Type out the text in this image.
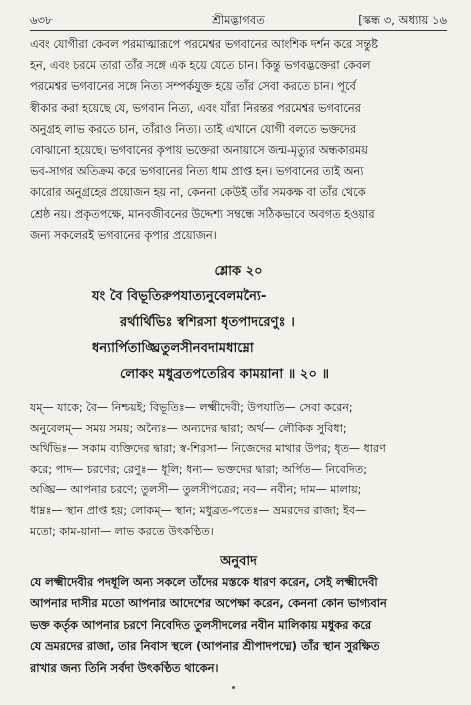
৬৩৮	শ্রীমদ্ভাগবত	[স্কন্ধ ৩, অধ্যায় ১৬

এবং যোগীরা কেবল পরমাত্মারূপে পরমেশ্বর ভগবানের আংশিক দর্শন করে সন্তুষ্ট
হন, এবং চরমে তারা তাঁর সঙ্গে এক হয়ে যেতে চান। কিন্তু ভগবদ্ভক্তেরা কেবল
পরমেশ্বর ভগবানের সঙ্গে নিত্য সম্পর্কযুক্ত হয়ে তাঁর সেবা করতে চান। পূর্বে
স্বীকার করা হয়েছে যে, ভগবান নিত্য, এবং যাঁরা নিরন্তর পরমেশ্বর ভগবানের
অনুগ্রহ লাভ করতে চান, তাঁরাও নিত্য। তাই এখানে যোগী বলতে ভক্তদের
বোঝানো হয়েছে। ভগবানের কৃপায় ভক্তেরা অনায়াসে জন্ম-মৃত্যুর অন্ধকারময়
ভব-সাগর অতিক্রম করে ভগবানের নিত্য ধাম প্রাপ্ত হন। ভগবানের তাই অন্য
কারোর অনুগ্রহের প্রয়োজন হয় না, কেননা কেউই তাঁর সমকক্ষ বা তাঁর থেকে
শ্রেষ্ঠ নয়। প্রকৃতপক্ষে, মানবজীবনের উদ্দেশ্য সম্বন্ধে সঠিকভাবে অবগত হওয়ার
জন্য সকলেরই ভগবানের কৃপার প্রয়োজন।

শ্লোক ২০
যং বৈ বিভূতিরুপযাত্যনুবেলমন্যৈ-
রর্থার্থিভিঃ স্বশিরসা ধৃতপাদরেণুঃ ।
ধন্যার্পিতাঙ্ঘ্রিতুলসীনবদামধাম্নো
লোকং মধুব্রতপতেরিব কাময়ানা ॥ ২০ ॥
যম্— যাকে; বৈ— নিশ্চয়ই; বিভূতিঃ— লক্ষ্মীদেবী; উপযাতি— সেবা করেন;
অনুবেলম্— সময় সময়; অন্যৈঃ— অন্যদের দ্বারা; অর্থ— লৌকিক সুবিধা;
অর্থিভিঃ— সকাম ব্যক্তিদের দ্বারা; স্ব-শিরসা— নিজেদের মাথার উপর; ধৃত— ধারণ
করে; পাদ— চরণের; রেণুঃ— ধূলি; ধন্য— ভক্তদের দ্বারা; অর্পিত— নিবেদিত;
অঙ্ঘ্রি— আপনার চরণে; তুলসী— তুলসীপত্রের; নব— নবীন; দাম— মালায়;
ধাম্নঃ— স্থান প্রাপ্ত হয়; লোকম্— স্থান; মধুব্রত-পতেঃ— ভ্রমরদের রাজা; ইব—
মতো; কাম-য়ানা— লাভ করতে উৎকণ্ঠিত।
অনুবাদ
যে লক্ষ্মীদেবীর পদধূলি অন্য সকলে তাঁদের মস্তকে ধারণ করেন, সেই লক্ষ্মীদেবী
আপনার দাসীর মতো আপনার আদেশের অপেক্ষা করেন, কেননা কোন ভাগ্যবান
ভক্ত কর্তৃক আপনার চরণে নিবেদিত তুলসীদলের নবীন মালিকায় মধুকর করে
যে ভ্রমরদের রাজা, তার নিবাস স্থলে (আপনার শ্রীপাদপদ্মে) তাঁর স্থান সুরক্ষিত
রাখার জন্য তিনি সর্বদা উৎকণ্ঠিত থাকেন।
